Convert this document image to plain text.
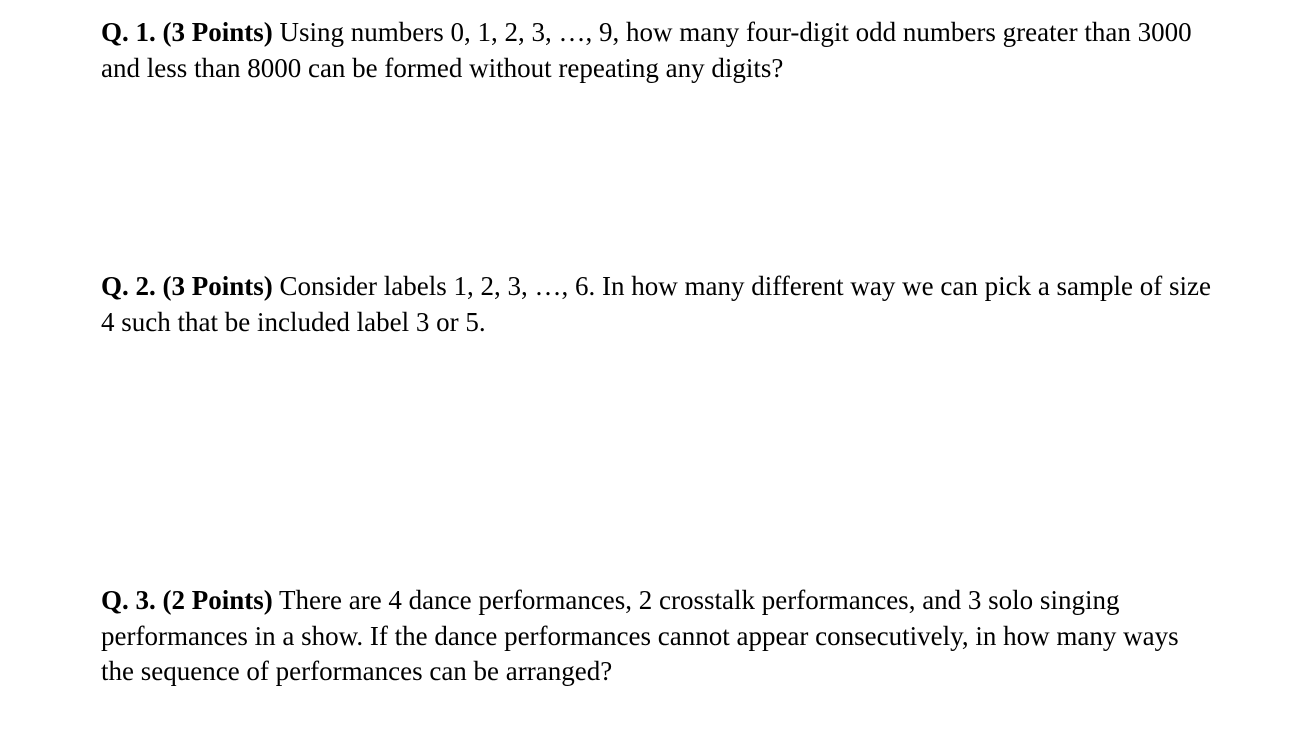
Q. 1. (3 Points) Using numbers 0, 1, 2, 3, …, 9, how many four-digit odd numbers greater than 3000 and less than 8000 can be formed without repeating any digits?

Q. 2. (3 Points) Consider labels 1, 2, 3, …, 6. In how many different way we can pick a sample of size 4 such that be included label 3 or 5.

Q. 3. (2 Points) There are 4 dance performances, 2 crosstalk performances, and 3 solo singing performances in a show. If the dance performances cannot appear consecutively, in how many ways the sequence of performances can be arranged?
